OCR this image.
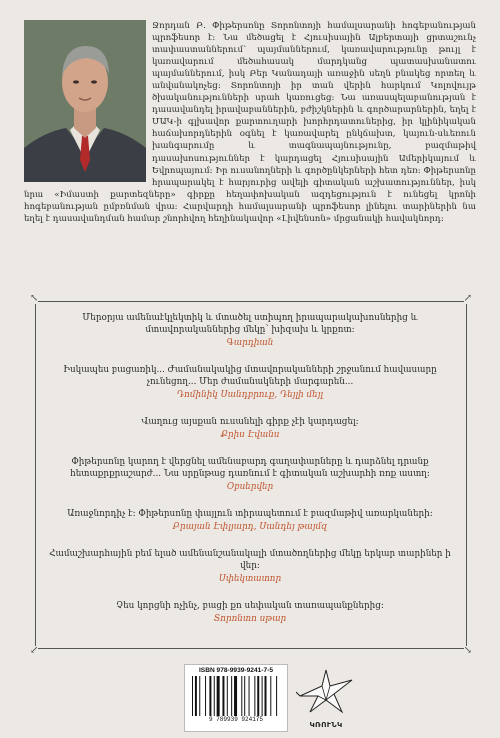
Ջորդան Բ. Փիթերսոնը Տորոնտոյի համալսարանի հոգեբանության պրոֆեսոր է: Նա մեծացել է Հյուսիսային Ալբերտայի ցրտաշունչ տափաստաններում՝ պայմաններում, կառավարությունը թույլ է կառավարում մեծահասակ մարդկանց պատասխանատու պայմաններում, իսկ Բեր Կանադայի առաջին սեղն բնակեց որտեղ և անվանակոչեց: Տորոնտոյի իր տան վերին հարկում Կոլովույթ ծխականությունների սրահ կառուցեց: Նա առասպելաբանության է դասավանդել իրավաբաններին, բժիշկներին և գործարարներին, եղել է ՄԱԿ-ի գլխավոր քարտուղարի խորհրդատուներից, իր կլինիկական հաճախորդներին օգնել է կառավարել ընկճախտ, կայուն-սևեռուն խանգարումը և տագնապայնությունը, բազմաթիվ դասախոսություններ է կարդացել Հյուսիսային Ամերիկայում և Եվրոպայում: Իր ուսանողների և գործընկերների հետ դեռ: Փիթերսոնը հրապարակել է հարյուրից ավելի գիտական աշխատություններ, իսկ նրա «Իմաստի քարտեզները» գիրքը հեղափոխական ազդեցություն է ունեցել կրոնի հոգեբանության ըմբռնման վրա: Հարվարդի համալսարանի պրոֆեսոր լինելու տարիներին նա եղել է դասավանդման համար շնորհվող հեղինակավոր «Լիվենսոն» մրցանակի հավակնորդ:

↖	↗
↙	↘
Մերօրյա ամենաէկլեկտիկ և մտածել ստիպող իրապարակախոսներից և մտավորականներից մեկը՝ խիզախ և կրքոտ:
Գարդիան
Իսկապես բացառիկ... Ժամանակակից մտավորականների շրջանում հավասարը չունեցող... Մեր ժամանակների մարգարեն...
Դոմինիկ Սանդբրուք, Դեյլի մեյլ
Վաղուց այսքան ուսանելի գիրք չէի կարդացել:
Քրիս Էվանս
Փիթերսոնը կարող է վերցնել ամենաբարդ գաղափարները և դարձնել դրանք հետաքրքրաշարժ... Նա սրընթաց դառնում է գիտական աշխարհի ռոք աստղ:
Օբսերվեր
Առաջնորդիչ է: Փիթերսոնը փայլուն տիրապետում է բազմաթիվ առարկաների:
Բրայան Էփլյարդ, Սանդեյ թայմզ
Համաշխարհային բեմ ելած ամենանշանակալի մտածողներից մեկը երկար տարիներ ի վեր:
Սփեկտատոր
Չես կորցնի ոչինչ, բացի քո սեփական տառապանքներից:
Տորոնտո սթար
ISBN 978-9939-9241-7-5
9 789939 924175
ԿՌՈՒՆԿ
